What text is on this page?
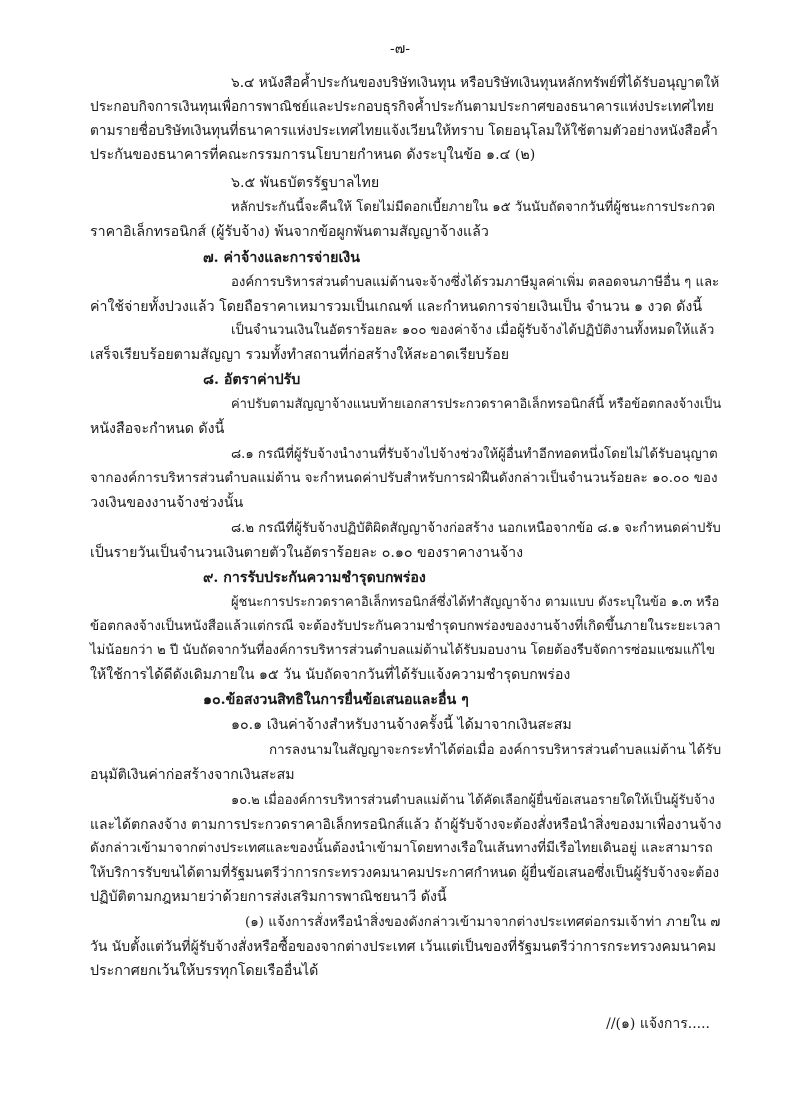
-๗-
๖.๔ หนังสือค้ำประกันของบริษัทเงินทุน หรือบริษัทเงินทุนหลักทรัพย์ที่ได้รับอนุญาตให้
ประกอบกิจการเงินทุนเพื่อการพาณิชย์และประกอบธุรกิจค้ำประกันตามประกาศของธนาคารแห่งประเทศไทย
ตามรายชื่อบริษัทเงินทุนที่ธนาคารแห่งประเทศไทยแจ้งเวียนให้ทราบ โดยอนุโลมให้ใช้ตามตัวอย่างหนังสือค้ำ
ประกันของธนาคารที่คณะกรรมการนโยบายกำหนด ดังระบุในข้อ ๑.๔ (๒)
๖.๕ พันธบัตรรัฐบาลไทย
หลักประกันนี้จะคืนให้ โดยไม่มีดอกเบี้ยภายใน ๑๕ วันนับถัดจากวันที่ผู้ชนะการประกวด
ราคาอิเล็กทรอนิกส์ (ผู้รับจ้าง) พ้นจากข้อผูกพันตามสัญญาจ้างแล้ว
๗. ค่าจ้างและการจ่ายเงิน
องค์การบริหารส่วนตำบลแม่ต้านจะจ้างซึ่งได้รวมภาษีมูลค่าเพิ่ม ตลอดจนภาษีอื่น ๆ และ
ค่าใช้จ่ายทั้งปวงแล้ว โดยถือราคาเหมารวมเป็นเกณฑ์ และกำหนดการจ่ายเงินเป็น จำนวน ๑ งวด ดังนี้
เป็นจำนวนเงินในอัตราร้อยละ ๑๐๐ ของค่าจ้าง เมื่อผู้รับจ้างได้ปฏิบัติงานทั้งหมดให้แล้ว
เสร็จเรียบร้อยตามสัญญา รวมทั้งทำสถานที่ก่อสร้างให้สะอาดเรียบร้อย
๘. อัตราค่าปรับ
ค่าปรับตามสัญญาจ้างแนบท้ายเอกสารประกวดราคาอิเล็กทรอนิกส์นี้ หรือข้อตกลงจ้างเป็น
หนังสือจะกำหนด ดังนี้
๘.๑ กรณีที่ผู้รับจ้างนำงานที่รับจ้างไปจ้างช่วงให้ผู้อื่นทำอีกทอดหนึ่งโดยไม่ได้รับอนุญาต
จากองค์การบริหารส่วนตำบลแม่ต้าน จะกำหนดค่าปรับสำหรับการฝ่าฝืนดังกล่าวเป็นจำนวนร้อยละ ๑๐.๐๐ ของ
วงเงินของงานจ้างช่วงนั้น
๘.๒ กรณีที่ผู้รับจ้างปฏิบัติผิดสัญญาจ้างก่อสร้าง นอกเหนือจากข้อ ๘.๑ จะกำหนดค่าปรับ
เป็นรายวันเป็นจำนวนเงินตายตัวในอัตราร้อยละ ๐.๑๐ ของราคางานจ้าง
๙. การรับประกันความชำรุดบกพร่อง
ผู้ชนะการประกวดราคาอิเล็กทรอนิกส์ซึ่งได้ทำสัญญาจ้าง ตามแบบ ดังระบุในข้อ ๑.๓ หรือ
ข้อตกลงจ้างเป็นหนังสือแล้วแต่กรณี จะต้องรับประกันความชำรุดบกพร่องของงานจ้างที่เกิดขึ้นภายในระยะเวลา
ไม่น้อยกว่า ๒ ปี นับถัดจากวันที่องค์การบริหารส่วนตำบลแม่ต้านได้รับมอบงาน โดยต้องรีบจัดการซ่อมแซมแก้ไข
ให้ใช้การได้ดีดังเดิมภายใน ๑๕ วัน นับถัดจากวันที่ได้รับแจ้งความชำรุดบกพร่อง
๑๐.ข้อสงวนสิทธิในการยื่นข้อเสนอและอื่น ๆ
๑๐.๑ เงินค่าจ้างสำหรับงานจ้างครั้งนี้ ได้มาจากเงินสะสม
การลงนามในสัญญาจะกระทำได้ต่อเมื่อ องค์การบริหารส่วนตำบลแม่ต้าน ได้รับ
อนุมัติเงินค่าก่อสร้างจากเงินสะสม
๑๐.๒ เมื่อองค์การบริหารส่วนตำบลแม่ต้าน ได้คัดเลือกผู้ยื่นข้อเสนอรายใดให้เป็นผู้รับจ้าง
และได้ตกลงจ้าง ตามการประกวดราคาอิเล็กทรอนิกส์แล้ว ถ้าผู้รับจ้างจะต้องสั่งหรือนำสิ่งของมาเพื่องานจ้าง
ดังกล่าวเข้ามาจากต่างประเทศและของนั้นต้องนำเข้ามาโดยทางเรือในเส้นทางที่มีเรือไทยเดินอยู่ และสามารถ
ให้บริการรับขนได้ตามที่รัฐมนตรีว่าการกระทรวงคมนาคมประกาศกำหนด ผู้ยื่นข้อเสนอซึ่งเป็นผู้รับจ้างจะต้อง
ปฏิบัติตามกฎหมายว่าด้วยการส่งเสริมการพาณิชยนาวี ดังนี้
(๑) แจ้งการสั่งหรือนำสิ่งของดังกล่าวเข้ามาจากต่างประเทศต่อกรมเจ้าท่า ภายใน ๗
วัน นับตั้งแต่วันที่ผู้รับจ้างสั่งหรือซื้อของจากต่างประเทศ เว้นแต่เป็นของที่รัฐมนตรีว่าการกระทรวงคมนาคม
ประกาศยกเว้นให้บรรทุกโดยเรืออื่นได้
//(๑) แจ้งการ.....
